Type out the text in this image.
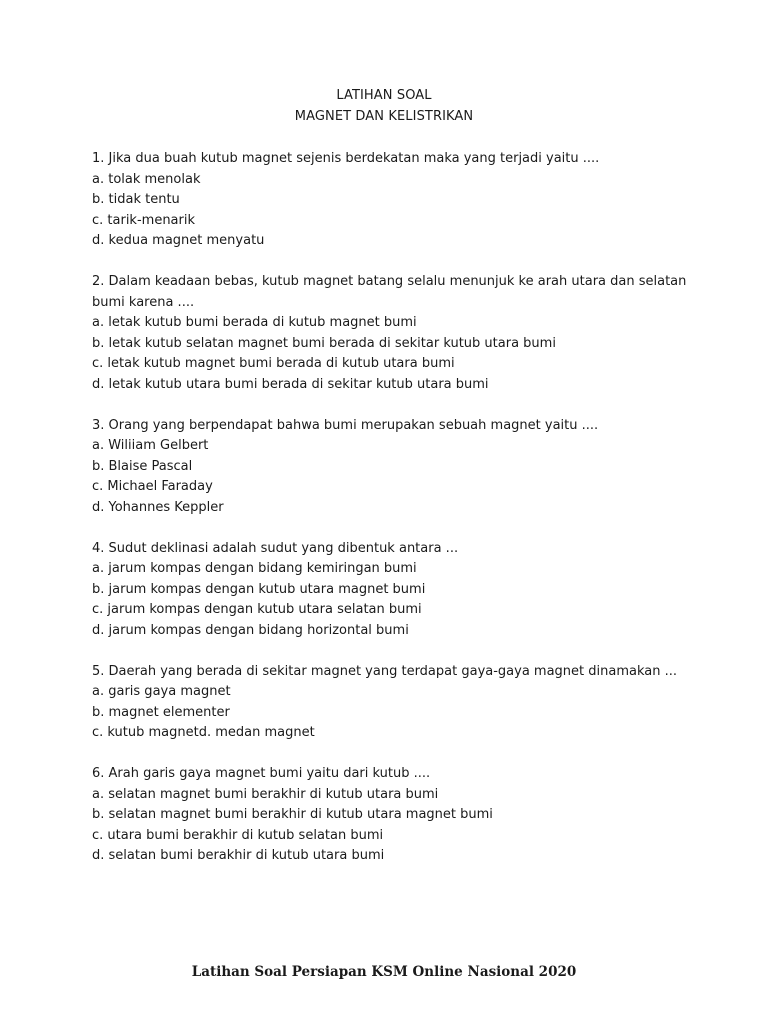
LATIHAN SOAL
MAGNET DAN KELISTRIKAN
1. Jika dua buah kutub magnet sejenis berdekatan maka yang terjadi yaitu ....
a. tolak menolak
b. tidak tentu
c. tarik-menarik
d. kedua magnet menyatu
2. Dalam keadaan bebas, kutub magnet batang selalu menunjuk ke arah utara dan selatan
bumi karena ....
a. letak kutub bumi berada di kutub magnet bumi
b. letak kutub selatan magnet bumi berada di sekitar kutub utara bumi
c. letak kutub magnet bumi berada di kutub utara bumi
d. letak kutub utara bumi berada di sekitar kutub utara bumi
3. Orang yang berpendapat bahwa bumi merupakan sebuah magnet yaitu ....
a. Wiliiam Gelbert
b. Blaise Pascal
c. Michael Faraday
d. Yohannes Keppler
4. Sudut deklinasi adalah sudut yang dibentuk antara ...
a. jarum kompas dengan bidang kemiringan bumi
b. jarum kompas dengan kutub utara magnet bumi
c. jarum kompas dengan kutub utara selatan bumi
d. jarum kompas dengan bidang horizontal bumi
5. Daerah yang berada di sekitar magnet yang terdapat gaya-gaya magnet dinamakan ...
a. garis gaya magnet
b. magnet elementer
c. kutub magnetd. medan magnet
6. Arah garis gaya magnet bumi yaitu dari kutub ....
a. selatan magnet bumi berakhir di kutub utara bumi
b. selatan magnet bumi berakhir di kutub utara magnet bumi
c. utara bumi berakhir di kutub selatan bumi
d. selatan bumi berakhir di kutub utara bumi
Latihan Soal Persiapan KSM Online Nasional 2020
